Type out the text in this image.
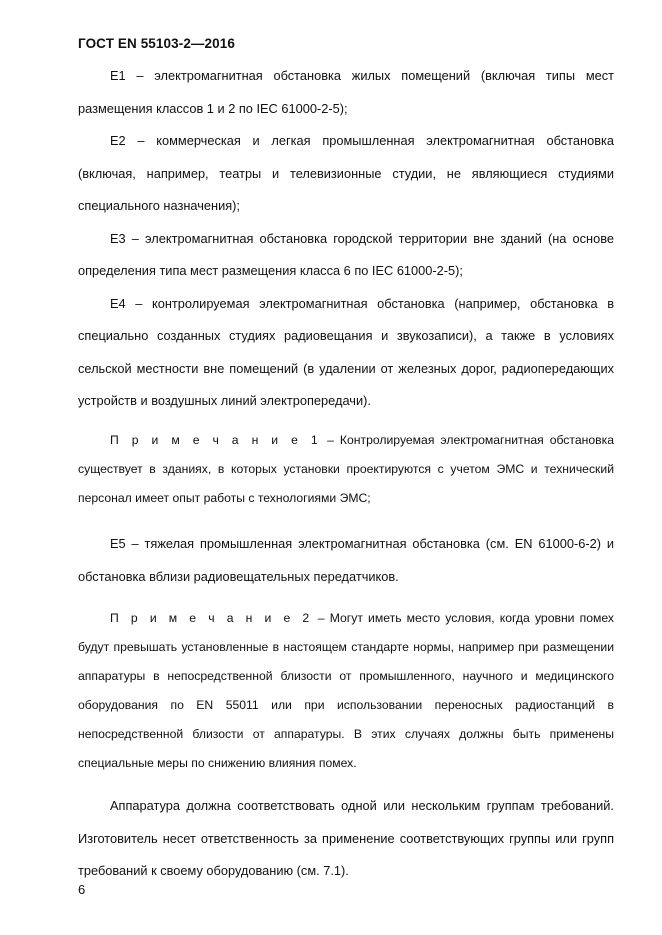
ГОСТ EN 55103-2—2016

Е1 – электромагнитная обстановка жилых помещений (включая типы мест размещения классов 1 и 2 по IEC 61000-2-5);

Е2 – коммерческая и легкая промышленная электромагнитная обстановка (включая, например, театры и телевизионные студии, не являющиеся студиями специального назначения);

Е3 – электромагнитная обстановка городской территории вне зданий (на основе определения типа мест размещения класса 6 по IEC 61000-2-5);

Е4 – контролируемая электромагнитная обстановка (например, обстановка в специально созданных студиях радиовещания и звукозаписи), а также в условиях сельской местности вне помещений (в удалении от железных дорог, радиопередающих устройств и воздушных линий электропередачи).

П р и м е ч а н и е 1 – Контролируемая электромагнитная обстановка существует в зданиях, в которых установки проектируются с учетом ЭМС и технический персонал имеет опыт работы с технологиями ЭМС;

Е5 – тяжелая промышленная электромагнитная обстановка (см. EN 61000-6-2) и обстановка вблизи радиовещательных передатчиков.

П р и м е ч а н и е 2 – Могут иметь место условия, когда уровни помех будут превышать установленные в настоящем стандарте нормы, например при размещении аппаратуры в непосредственной близости от промышленного, научного и медицинского оборудования по EN 55011 или при использовании переносных радиостанций в непосредственной близости от аппаратуры. В этих случаях должны быть применены специальные меры по снижению влияния помех.

Аппаратура должна соответствовать одной или нескольким группам требований. Изготовитель несет ответственность за применение соответствующих группы или групп требований к своему оборудованию (см. 7.1).

6
